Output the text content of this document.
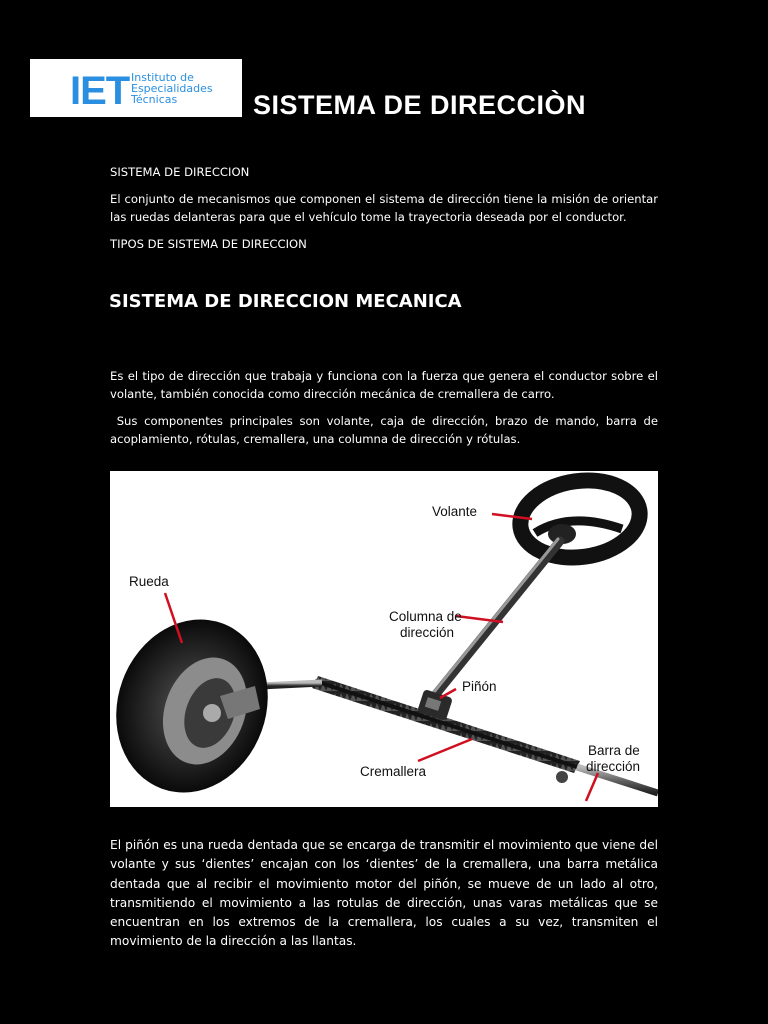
IET Instituto de
Especialidades
Técnicas	SISTEMA DE DIRECCIÒN

SISTEMA DE DIRECCION

El conjunto de mecanismos que componen el sistema de dirección tiene la misión de orientar las ruedas delanteras para que el vehículo tome la trayectoria deseada por el conductor.

TIPOS DE SISTEMA DE DIRECCION

SISTEMA DE DIRECCION MECANICA

Es el tipo de dirección que trabaja y funciona con la fuerza que genera el conductor sobre el volante, también conocida como dirección mecánica de cremallera de carro.

Sus componentes principales son volante, caja de dirección, brazo de mando, barra de acoplamiento, rótulas, cremallera, una columna de dirección y rótulas.

Volante
Rueda
Columna de
dirección
Piñón
Barra de
dirección
Cremallera

El piñón es una rueda dentada que se encarga de transmitir el movimiento que viene del volante y sus ‘dientes’ encajan con los ‘dientes’ de la cremallera, una barra metálica dentada que al recibir el movimiento motor del piñón, se mueve de un lado al otro, transmitiendo el movimiento a las rotulas de dirección, unas varas metálicas que se encuentran en los extremos de la cremallera, los cuales a su vez, transmiten el movimiento de la dirección a las llantas.
